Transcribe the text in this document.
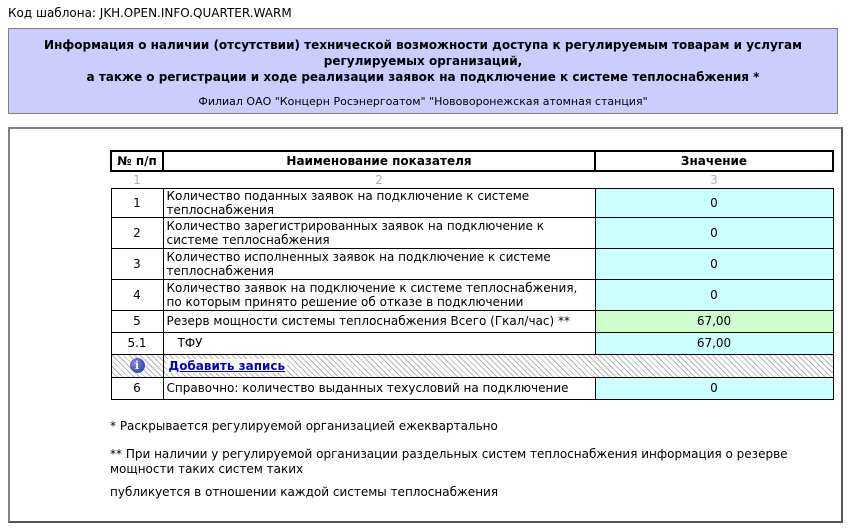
Код шаблона: JKH.OPEN.INFO.QUARTER.WARM
Информация о наличии (отсутствии) технической возможности доступа к регулируемым товарам и услугам регулируемых организаций,
а также о регистрации и ходе реализации заявок на подключение к системе теплоснабжения *
Филиал ОАО "Концерн Росэнергоатом" "Нововоронежская атомная станция"
№ п/п	Наименование показателя	Значение
1	2	3
1	Количество поданных заявок на подключение к системе теплоснабжения	0
2	Количество зарегистрированных заявок на подключение к системе теплоснабжения	0
3	Количество исполненных заявок на подключение к системе теплоснабжения	0
4	Количество заявок на подключение к системе теплоснабжения, по которым принято решение об отказе в подключении	0
5	Резерв мощности системы теплоснабжения Всего (Гкал/час) **	67,00
5.1	ТФУ	67,00
i	Добавить запись	
6	Справочно: количество выданных техусловий на подключение	0
* Раскрывается регулируемой организацией ежеквартально
** При наличии у регулируемой организации раздельных систем теплоснабжения информация о резерве мощности таких систем таких
публикуется в отношении каждой системы теплоснабжения
